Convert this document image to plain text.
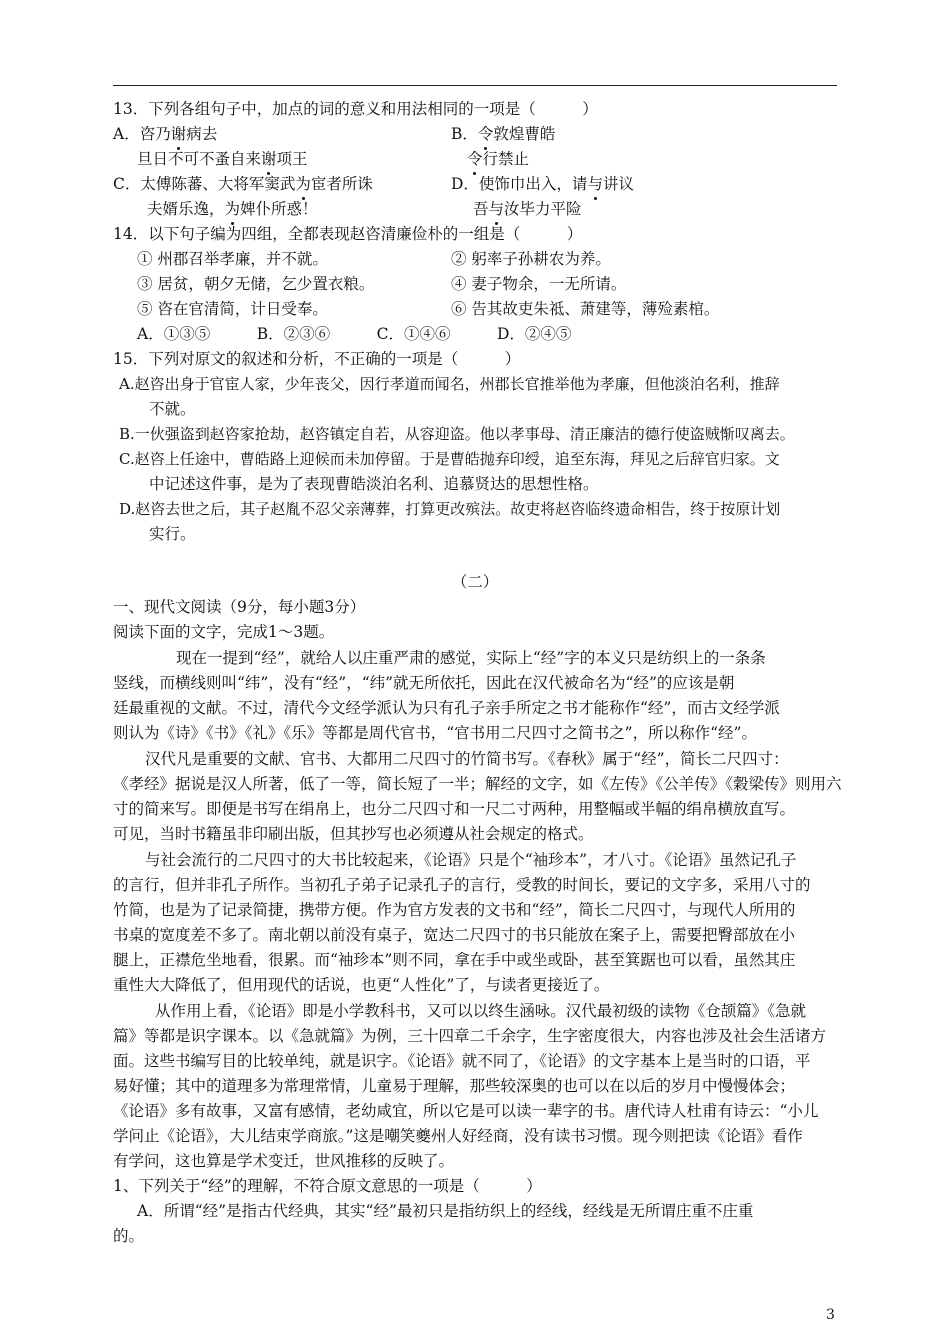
13．下列各组句子中，加点的词的意义和用法相同的一项是（　　　）
A．咨乃谢病去
旦日不可不蚤自来谢项王
B．令敦煌曹皓
令行禁止
C．太傅陈蕃、大将军窦武为宦者所诛
夫婿乐逸，为婢仆所惑！
D．使饰巾出入，请与讲议
吾与汝毕力平险
14．以下句子编为四组，全都表现赵咨清廉俭朴的一组是（　　　）
① 州郡召举孝廉，并不就。	② 躬率子孙耕农为养。
③ 居贫，朝夕无储，乞少置衣粮。	④ 妻子物余，一无所请。
⑤ 咨在官清简，计日受奉。	⑥ 告其故吏朱祗、萧建等，薄殓素棺。
A．①③⑤　　　B．②③⑥　　　C．①④⑥　　　D．②④⑤
15．下列对原文的叙述和分析，不正确的一项是（　　　）
A.赵咨出身于官宦人家，少年丧父，因行孝道而闻名，州郡长官推举他为孝廉，但他淡泊名利，推辞
不就。
B.一伙强盗到赵咨家抢劫，赵咨镇定自若，从容迎盗。他以孝事母、清正廉洁的德行使盗贼惭叹离去。
C.赵咨上任途中，曹皓路上迎候而未加停留。于是曹皓抛弃印绶，追至东海，拜见之后辞官归家。文
中记述这件事，是为了表现曹皓淡泊名利、追慕贤达的思想性格。
D.赵咨去世之后，其子赵胤不忍父亲薄葬，打算更改殡法。故吏将赵咨临终遗命相告，终于按原计划
实行。
（二）
一、现代文阅读（9分，每小题3分）
阅读下面的文字，完成1～3题。
现在一提到“经”，就给人以庄重严肃的感觉，实际上“经”字的本义只是纺织上的一条条
竖线，而横线则叫“纬”，没有“经”，“纬”就无所依托，因此在汉代被命名为“经”的应该是朝
廷最重视的文献。不过，清代今文经学派认为只有孔子亲手所定之书才能称作“经”，而古文经学派
则认为《诗》《书》《礼》《乐》等都是周代官书，“官书用二尺四寸之简书之”，所以称作“经”。
汉代凡是重要的文献、官书、大都用二尺四寸的竹简书写。《春秋》属于“经”，简长二尺四寸：
《孝经》据说是汉人所著，低了一等，简长短了一半；解经的文字，如《左传》《公羊传》《穀梁传》则用六
寸的简来写。即便是书写在绢帛上，也分二尺四寸和一尺二寸两种，用整幅或半幅的绢帛横放直写。
可见，当时书籍虽非印刷出版，但其抄写也必须遵从社会规定的格式。
与社会流行的二尺四寸的大书比较起来，《论语》只是个“袖珍本”，才八寸。《论语》虽然记孔子
的言行，但并非孔子所作。当初孔子弟子记录孔子的言行，受教的时间长，要记的文字多，采用八寸的
竹简，也是为了记录简捷，携带方便。作为官方发表的文书和“经”，简长二尺四寸，与现代人所用的
书桌的宽度差不多了。南北朝以前没有桌子，宽达二尺四寸的书只能放在案子上，需要把臀部放在小
腿上，正襟危坐地看，很累。而“袖珍本”则不同，拿在手中或坐或卧，甚至箕踞也可以看，虽然其庄
重性大大降低了，但用现代的话说，也更“人性化”了，与读者更接近了。
从作用上看，《论语》即是小学教科书，又可以以终生涵咏。汉代最初级的读物《仓颉篇》《急就
篇》等都是识字课本。以《急就篇》为例，三十四章二千余字，生字密度很大，内容也涉及社会生活诸方
面。这些书编写目的比较单纯，就是识字。《论语》就不同了，《论语》的文字基本上是当时的口语，平
易好懂；其中的道理多为常理常情，儿童易于理解，那些较深奥的也可以在以后的岁月中慢慢体会；
《论语》多有故事，又富有感情，老幼咸宜，所以它是可以读一辈字的书。唐代诗人杜甫有诗云：“小儿
学问止《论语》，大儿结束学商旅。”这是嘲笑夔州人好经商，没有读书习惯。现今则把读《论语》看作
有学问，这也算是学术变迁，世风推移的反映了。
1、下列关于“经”的理解，不符合原文意思的一项是（　　　）
A．所谓“经”是指古代经典，其实“经”最初只是指纺织上的经线，经线是无所谓庄重不庄重
的。
3
